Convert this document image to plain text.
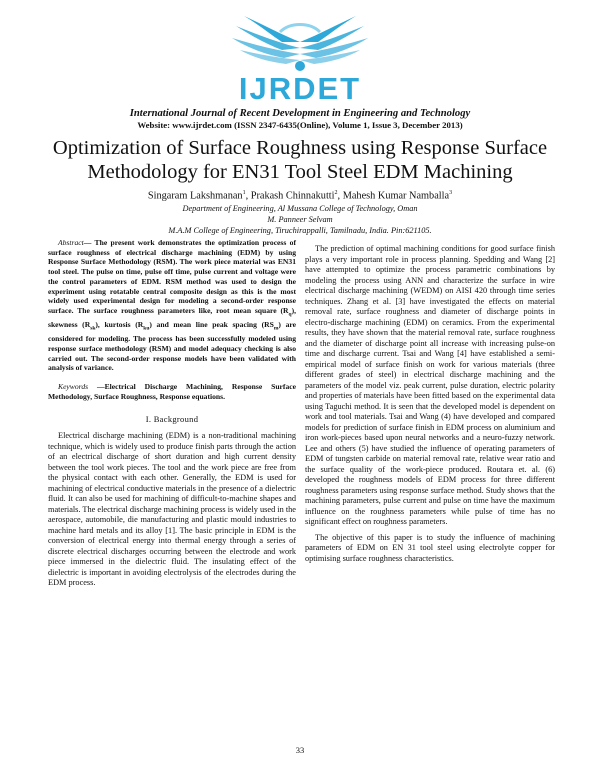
IJRDET
International Journal of Recent Development in Engineering and Technology
Website: www.ijrdet.com (ISSN 2347-6435(Online), Volume 1, Issue 3, December 2013)
Optimization of Surface Roughness using Response Surface Methodology for EN31 Tool Steel EDM Machining
Singaram Lakshmanan$^1$, Prakash Chinnakutti$^2$, Mahesh Kumar Namballa$^3$
Department of Engineering, Al Mussana College of Technology, Oman
M. Panneer Selvam
M.A.M College of Engineering, Tiruchirappalli, Tamilnadu, India. Pin:621105.

Abstract— The present work demonstrates the optimization process of surface roughness of electrical discharge machining (EDM) by using Response Surface Methodology (RSM). The work piece material was EN31 tool steel. The pulse on time, pulse off time, pulse current and voltage were the control parameters of EDM. RSM method was used to design the experiment using rotatable central composite design as this is the most widely used experimental design for modeling a second-order response surface. The surface roughness parameters like, root mean square $(R_q)$, skewness $(R_{sk})$, kurtosis $(R_{ku})$ and mean line peak spacing $(RS_m)$ are considered for modeling. The process has been successfully modeled using response surface methodology (RSM) and model adequacy checking is also carried out. The second-order response models have been validated with analysis of variance.

Keywords —Electrical Discharge Machining, Response Surface Methodology, Surface Roughness, Response equations.

I. Background

Electrical discharge machining (EDM) is a non-traditional machining technique, which is widely used to produce finish parts through the action of an electrical discharge of short duration and high current density between the tool work pieces. The tool and the work piece are free from the physical contact with each other. Generally, the EDM is used for machining of electrical conductive materials in the presence of a dielectric fluid. It can also be used for machining of difficult-to-machine shapes and materials. The electrical discharge machining process is widely used in the aerospace, automobile, die manufacturing and plastic mould industries to machine hard metals and its alloy [1]. The basic principle in EDM is the conversion of electrical energy into thermal energy through a series of discrete electrical discharges occurring between the electrode and work piece immersed in the dielectric fluid. The insulating effect of the dielectric is important in avoiding electrolysis of the electrodes during the EDM process.

The prediction of optimal machining conditions for good surface finish plays a very important role in process planning. Spedding and Wang [2] have attempted to optimize the process parametric combinations by modeling the process using ANN and characterize the surface in wire electrical discharge machining (WEDM) on AISI 420 through time series techniques. Zhang et al. [3] have investigated the effects on material removal rate, surface roughness and diameter of discharge points in electro-discharge machining (EDM) on ceramics. From the experimental results, they have shown that the material removal rate, surface roughness and the diameter of discharge point all increase with increasing pulse-on time and discharge current. Tsai and Wang [4] have established a semi-empirical model of surface finish on work for various materials (three different grades of steel) in electrical discharge machining and the parameters of the model viz. peak current, pulse duration, electric polarity and properties of materials have been fitted based on the experimental data using Taguchi method. It is seen that the developed model is dependent on work and tool materials. Tsai and Wang (4) have developed and compared models for prediction of surface finish in EDM process on aluminium and iron work-pieces based upon neural networks and a neuro-fuzzy network. Lee and others (5) have studied the influence of operating parameters of EDM of tungsten carbide on material removal rate, relative wear ratio and the surface quality of the work-piece produced. Routara et. al. (6) developed the roughness models of EDM process for three different roughness parameters using response surface method. Study shows that the machining parameters, pulse current and pulse on time have the maximum influence on the roughness parameters while pulse of time has no significant effect on roughness parameters.

The objective of this paper is to study the influence of machining parameters of EDM on EN 31 tool steel using electrolyte copper for optimising surface roughness characteristics.

33
